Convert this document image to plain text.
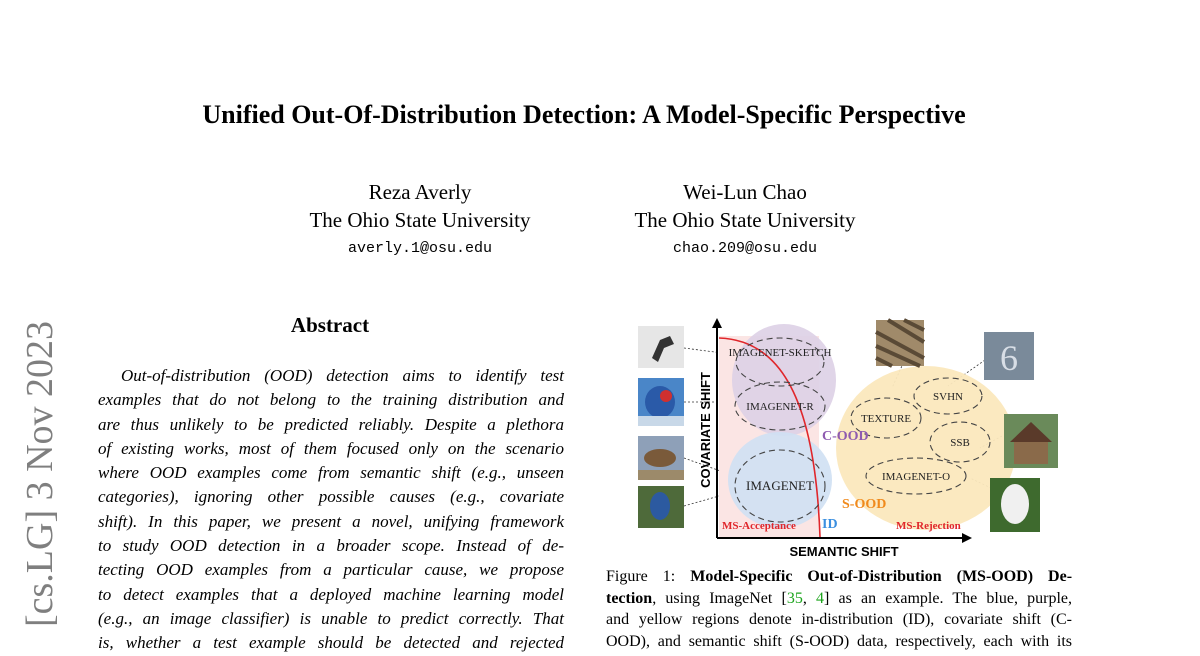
Unified Out-Of-Distribution Detection: A Model-Specific Perspective
Reza Averly
The Ohio State University
averly.1@osu.edu
Wei-Lun Chao
The Ohio State University
chao.209@osu.edu
[cs.LG] 3 Nov 2023	Abstract
Out-of-distribution (OOD) detection aims to identify test
examples that do not belong to the training distribution and
are thus unlikely to be predicted reliably. Despite a plethora
of existing works, most of them focused only on the scenario
where OOD examples come from semantic shift (e.g., unseen
categories), ignoring other possible causes (e.g., covariate
shift). In this paper, we present a novel, unifying framework
to study OOD detection in a broader scope. Instead of de-
tecting OOD examples from a particular cause, we propose
to detect examples that a deployed machine learning model
(e.g., an image classifier) is unable to predict correctly. That
is, whether a test example should be detected and rejected
IMAGENET-SKETCH
IMAGENET-R
IMAGENET
TEXTURE
SVHN
SSB
IMAGENET-O
C-OOD
ID
S-OOD
MS-Acceptance	MS-Rejection
COVARIATE SHIFT
SEMANTIC SHIFT
6
Figure 1: Model-Specific Out-of-Distribution (MS-OOD) De-
tection, using ImageNet [35, 4] as an example. The blue, purple,
and yellow regions denote in-distribution (ID), covariate shift (C-
OOD), and semantic shift (S-OOD) data, respectively, each with its
